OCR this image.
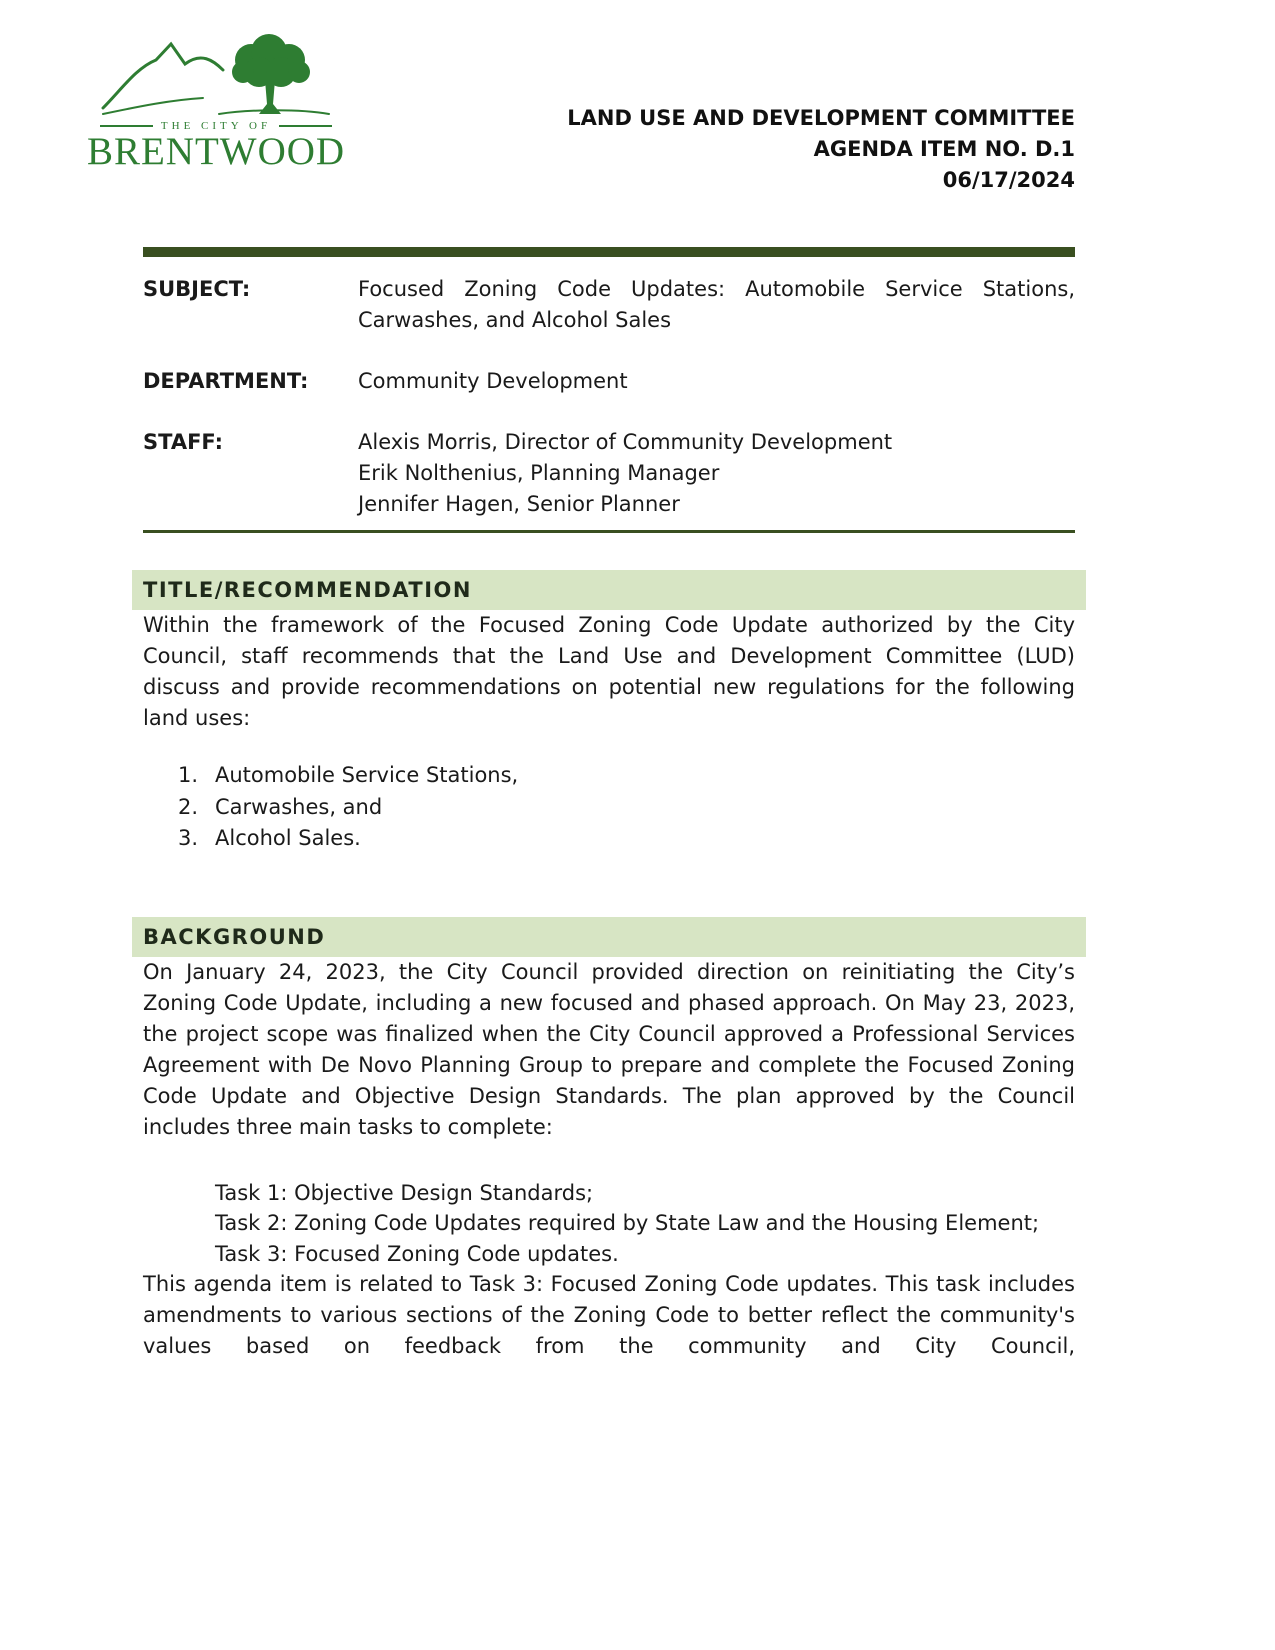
THE CITY OF
BRENTWOOD
LAND USE AND DEVELOPMENT COMMITTEE
AGENDA ITEM NO. D.1
06/17/2024
SUBJECT:	Focused Zoning Code Updates: Automobile Service Stations, Carwashes, and Alcohol Sales
DEPARTMENT:	Community Development
STAFF:	Alexis Morris, Director of Community Development
Erik Nolthenius, Planning Manager
Jennifer Hagen, Senior Planner
TITLE/RECOMMENDATION

Within the framework of the Focused Zoning Code Update authorized by the City Council, staff recommends that the Land Use and Development Committee (LUD) discuss and provide recommendations on potential new regulations for the following land uses:

1. Automobile Service Stations,
2. Carwashes, and
3. Alcohol Sales.
BACKGROUND

On January 24, 2023, the City Council provided direction on reinitiating the City’s Zoning Code Update, including a new focused and phased approach. On May 23, 2023, the project scope was finalized when the City Council approved a Professional Services Agreement with De Novo Planning Group to prepare and complete the Focused Zoning Code Update and Objective Design Standards. The plan approved by the Council includes three main tasks to complete:

Task 1: Objective Design Standards;
Task 2: Zoning Code Updates required by State Law and the Housing Element;
Task 3: Focused Zoning Code updates.

This agenda item is related to Task 3: Focused Zoning Code updates. This task includes amendments to various sections of the Zoning Code to better reflect the community's values based on feedback from the community and City Council,
